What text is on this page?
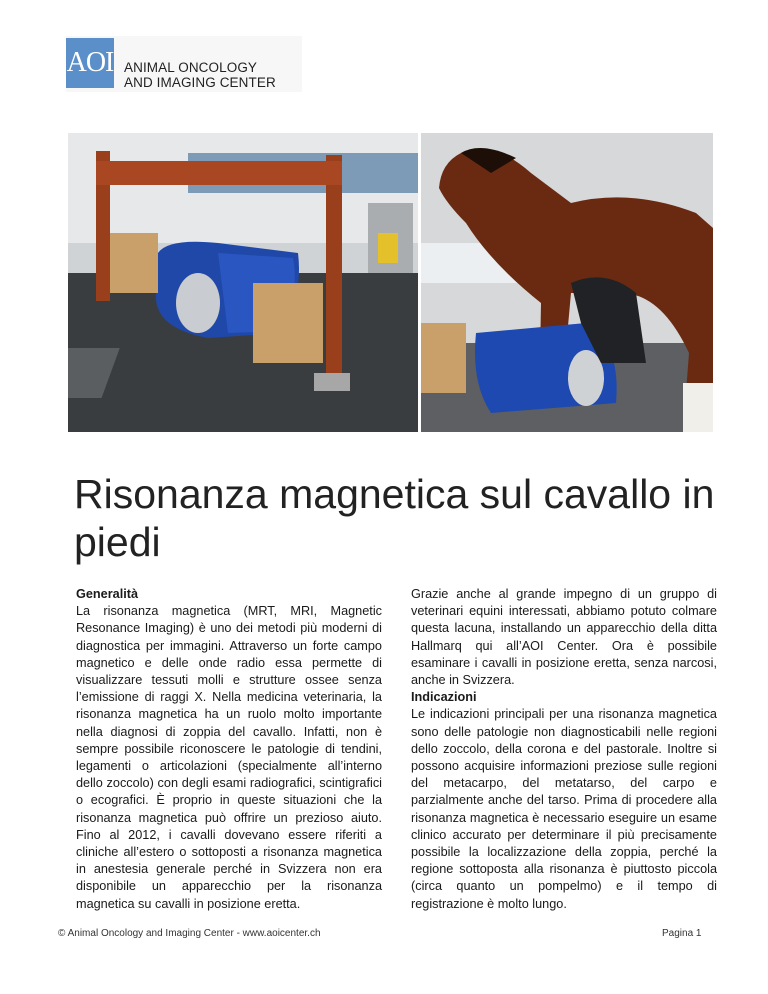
AOI ANIMAL ONCOLOGY
AND IMAGING CENTER
Risonanza magnetica sul cavallo in piedi
Generalità

La risonanza magnetica (MRT, MRI, Magnetic Resonance Imaging) è uno dei metodi più moderni di diagnostica per immagini. Attraverso un forte campo magnetico e delle onde radio essa permette di visualizzare tessuti molli e strutture ossee senza l’emissione di raggi X. Nella medicina veterinaria, la risonanza magnetica ha un ruolo molto importante nella diagnosi di zoppia del cavallo. Infatti, non è sempre possibile riconoscere le patologie di tendini, legamenti o articolazioni (specialmente all’interno dello zoccolo) con degli esami radiografici, scintigrafici o ecografici. È proprio in queste situazioni che la risonanza magnetica può offrire un prezioso aiuto. Fino al 2012, i cavalli dovevano essere riferiti a cliniche all’estero o sottoposti a risonanza magnetica in anestesia generale perché in Svizzera non era disponibile un apparecchio per la risonanza magnetica su cavalli in posizione eretta.

Grazie anche al grande impegno di un gruppo di veterinari equini interessati, abbiamo potuto colmare questa lacuna, installando un apparecchio della ditta Hallmarq qui all’AOI Center. Ora è possibile esaminare i cavalli in posizione eretta, senza narcosi, anche in Svizzera.

Indicazioni

Le indicazioni principali per una risonanza magnetica sono delle patologie non diagnosticabili nelle regioni dello zoccolo, della corona e del pastorale. Inoltre si possono acquisire informazioni preziose sulle regioni del metacarpo, del metatarso, del carpo e parzialmente anche del tarso. Prima di procedere alla risonanza magnetica è necessario eseguire un esame clinico accurato per determinare il più precisamente possibile la localizzazione della zoppia, perché la regione sottoposta alla risonanza è piuttosto piccola (circa quanto un pompelmo) e il tempo di registrazione è molto lungo.

© Animal Oncology and Imaging Center - www.aoicenter.ch	Pagina 1
